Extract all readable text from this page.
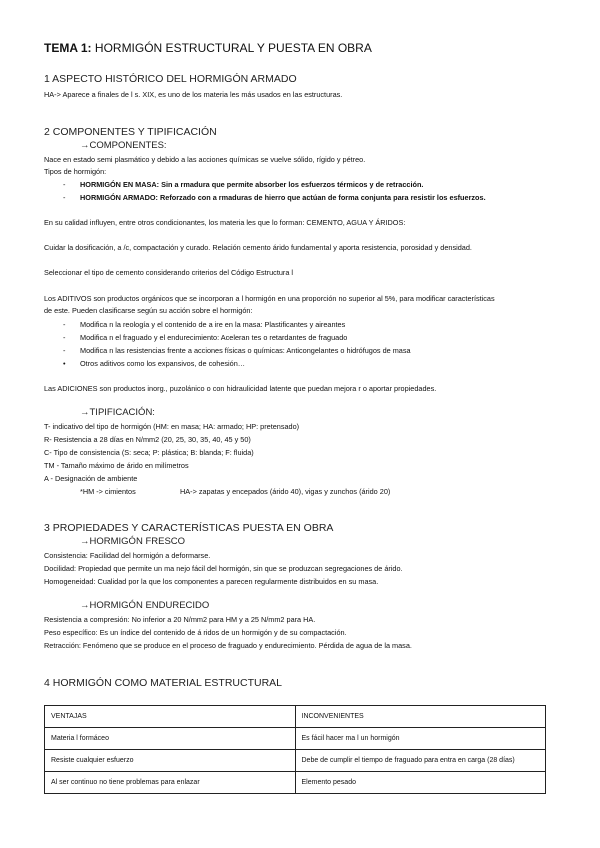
TEMA 1: HORMIGÓN ESTRUCTURAL Y PUESTA EN OBRA
1 ASPECTO HISTÓRICO DEL HORMIGÓN ARMADO
HA-> Aparece a finales de l s. XIX, es uno de los materia les más usados en las estructuras.
2 COMPONENTES Y TIPIFICACIÓN
→COMPONENTES:
Nace en estado semi plasmático y debido a las acciones químicas se vuelve sólido, rígido y pétreo.
Tipos de hormigón:
- HORMIGÓN EN MASA: Sin a rmadura que permite absorber los esfuerzos térmicos y de retracción.
- HORMIGÓN ARMADO: Reforzado con a rmaduras de hierro que actúan de forma conjunta para resistir los esfuerzos.
En su calidad influyen, entre otros condicionantes, los materia les que lo forman: CEMENTO, AGUA Y ÁRIDOS:
Cuidar la dosificación, a /c, compactación y curado. Relación cemento árido fundamental y aporta resistencia, porosidad y densidad.
Seleccionar el tipo de cemento considerando criterios del Código Estructura l
Los ADITIVOS son productos orgánicos que se incorporan a l hormigón en una proporción no superior al 5%, para modificar características
de este. Pueden clasificarse según su acción sobre el hormigón:
- Modifica n la reología y el contenido de a ire en la masa: Plastificantes y aireantes
- Modifica n el fraguado y el endurecimiento: Aceleran tes o retardantes de fraguado
- Modifica n las resistencias frente a acciones físicas o químicas: Anticongelantes o hidrófugos de masa
• Otros aditivos como los expansivos, de cohesión…
Las ADICIONES son productos inorg., puzolánico o con hidraulicidad latente que puedan mejora r o aportar propiedades.
→TIPIFICACIÓN:
T- indicativo del tipo de hormigón (HM: en masa; HA: armado; HP: pretensado)
R- Resistencia a 28 días en N/mm2 (20, 25, 30, 35, 40, 45 y 50)
C- Tipo de consistencia (S: seca; P: plástica; B: blanda; F: fluida)
TM - Tamaño máximo de árido en milímetros
A - Designación de ambiente
*HM -> cimientos	HA-> zapatas y encepados (árido 40), vigas y zunchos (árido 20)
3 PROPIEDADES Y CARACTERÍSTICAS PUESTA EN OBRA
→HORMIGÓN FRESCO
Consistencia: Facilidad del hormigón a deformarse.
Docilidad: Propiedad que permite un ma nejo fácil del hormigón, sin que se produzcan segregaciones de árido.
Homogeneidad: Cualidad por la que los componentes a parecen regularmente distribuidos en su masa.
→HORMIGÓN ENDURECIDO
Resistencia a compresión: No inferior a 20 N/mm2 para HM y a 25 N/mm2 para HA.
Peso específico: Es un índice del contenido de á ridos de un hormigón y de su compactación.
Retracción: Fenómeno que se produce en el proceso de fraguado y endurecimiento. Pérdida de agua de la masa.
4 HORMIGÓN COMO MATERIAL ESTRUCTURAL
VENTAJAS	INCONVENIENTES
Materia l formáceo	Es fácil hacer ma l un hormigón
Resiste cualquier esfuerzo	Debe de cumplir el tiempo de fraguado para entra en carga (28 días)
Al ser continuo no tiene problemas para enlazar	Elemento pesado
